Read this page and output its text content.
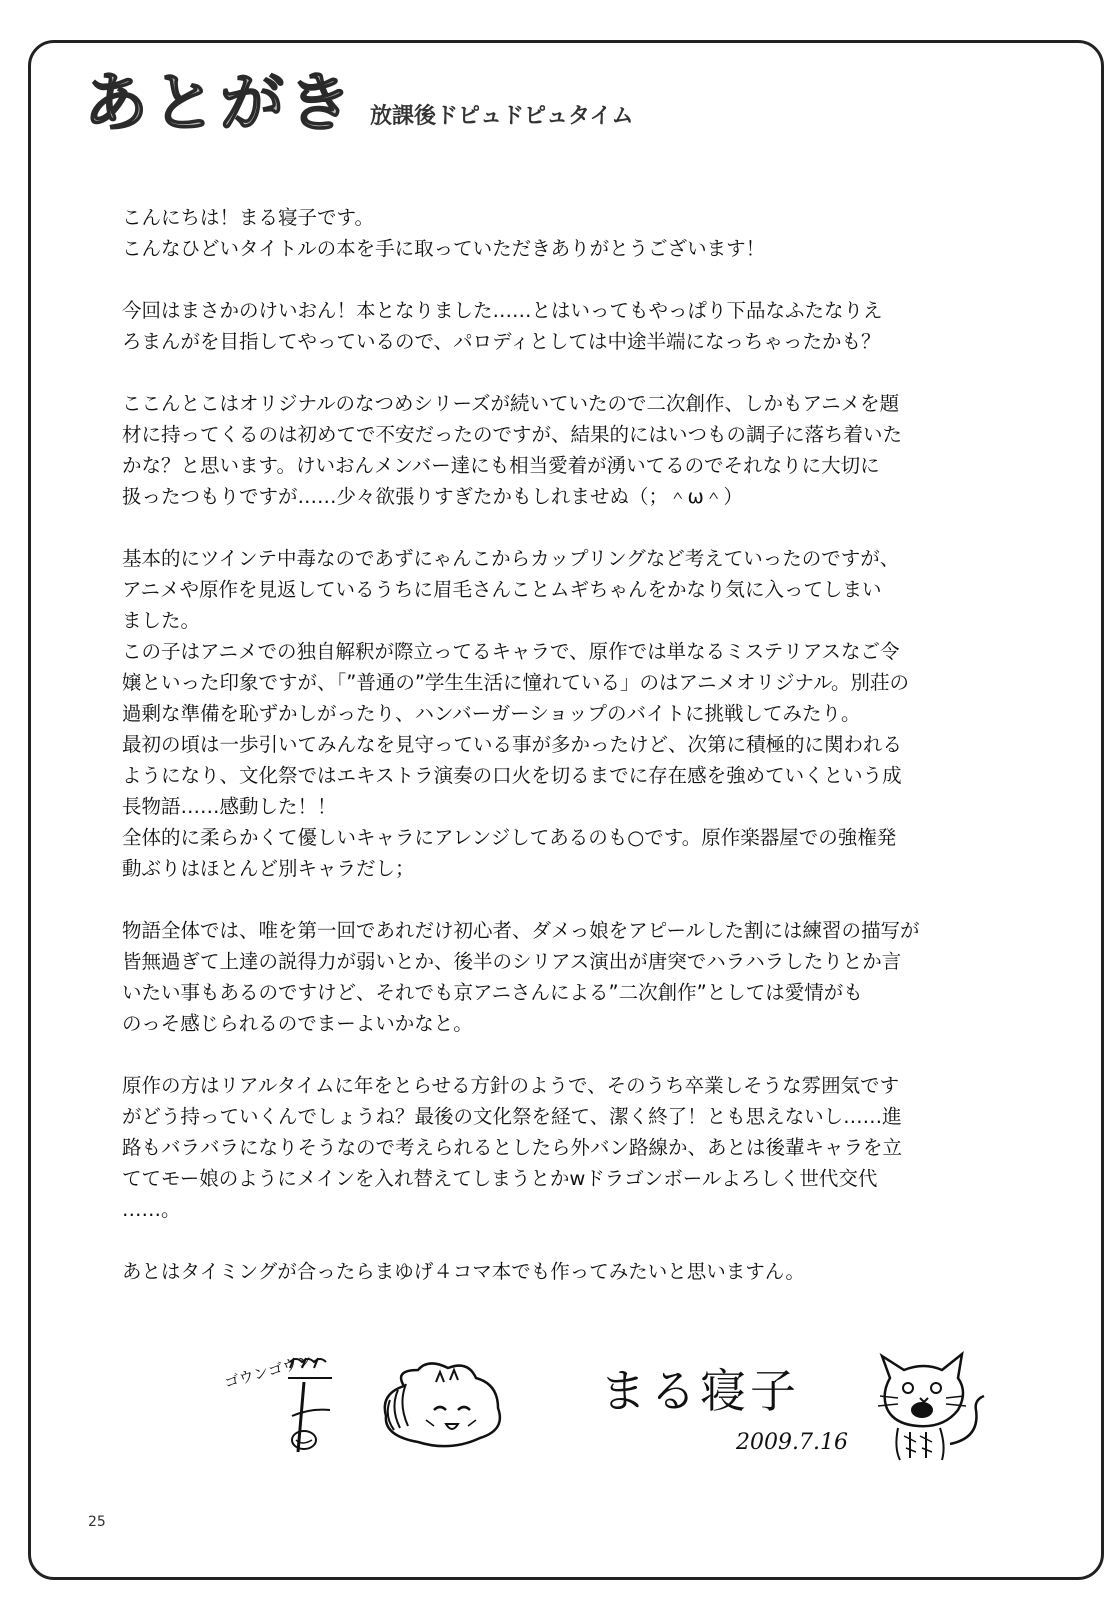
あとがき 放課後ドピュドピュタイム
こんにちは！まる寝子です。
こんなひどいタイトルの本を手に取っていただきありがとうございます！
今回はまさかのけいおん！本となりました……とはいってもやっぱり下品なふたなりえ
ろまんがを目指してやっているので、パロディとしては中途半端になっちゃったかも？
ここんとこはオリジナルのなつめシリーズが続いていたので二次創作、しかもアニメを題
材に持ってくるのは初めてで不安だったのですが、結果的にはいつもの調子に落ち着いた
かな？と思います。けいおんメンバー達にも相当愛着が湧いてるのでそれなりに大切に
扱ったつもりですが……少々欲張りすぎたかもしれませぬ（；＾ω＾）
基本的にツインテ中毒なのであずにゃんこからカップリングなど考えていったのですが、
アニメや原作を見返しているうちに眉毛さんことムギちゃんをかなり気に入ってしまい
ました。
この子はアニメでの独自解釈が際立ってるキャラで、原作では単なるミステリアスなご令
嬢といった印象ですが、「”普通の”学生生活に憧れている」のはアニメオリジナル。別荘の
過剰な準備を恥ずかしがったり、ハンバーガーショップのバイトに挑戦してみたり。
最初の頃は一歩引いてみんなを見守っている事が多かったけど、次第に積極的に関われる
ようになり、文化祭ではエキストラ演奏の口火を切るまでに存在感を強めていくという成
長物語……感動した！！
全体的に柔らかくて優しいキャラにアレンジしてあるのも○です。原作楽器屋での強権発
動ぶりはほとんど別キャラだし；
物語全体では、唯を第一回であれだけ初心者、ダメっ娘をアピールした割には練習の描写が
皆無過ぎて上達の説得力が弱いとか、後半のシリアス演出が唐突でハラハラしたりとか言
いたい事もあるのですけど、それでも京アニさんによる”二次創作”としては愛情がも
のっそ感じられるのでまーよいかなと。
原作の方はリアルタイムに年をとらせる方針のようで、そのうち卒業しそうな雰囲気です
がどう持っていくんでしょうね？最後の文化祭を経て、潔く終了！とも思えないし……進
路もバラバラになりそうなので考えられるとしたら外バン路線か、あとは後輩キャラを立
ててモー娘のようにメインを入れ替えてしまうとかwドラゴンボールよろしく世代交代
……。
あとはタイミングが合ったらまゆげ４コマ本でも作ってみたいと思いますん。
ゴウンゴウン	まる寝子
2009.7.16
25
